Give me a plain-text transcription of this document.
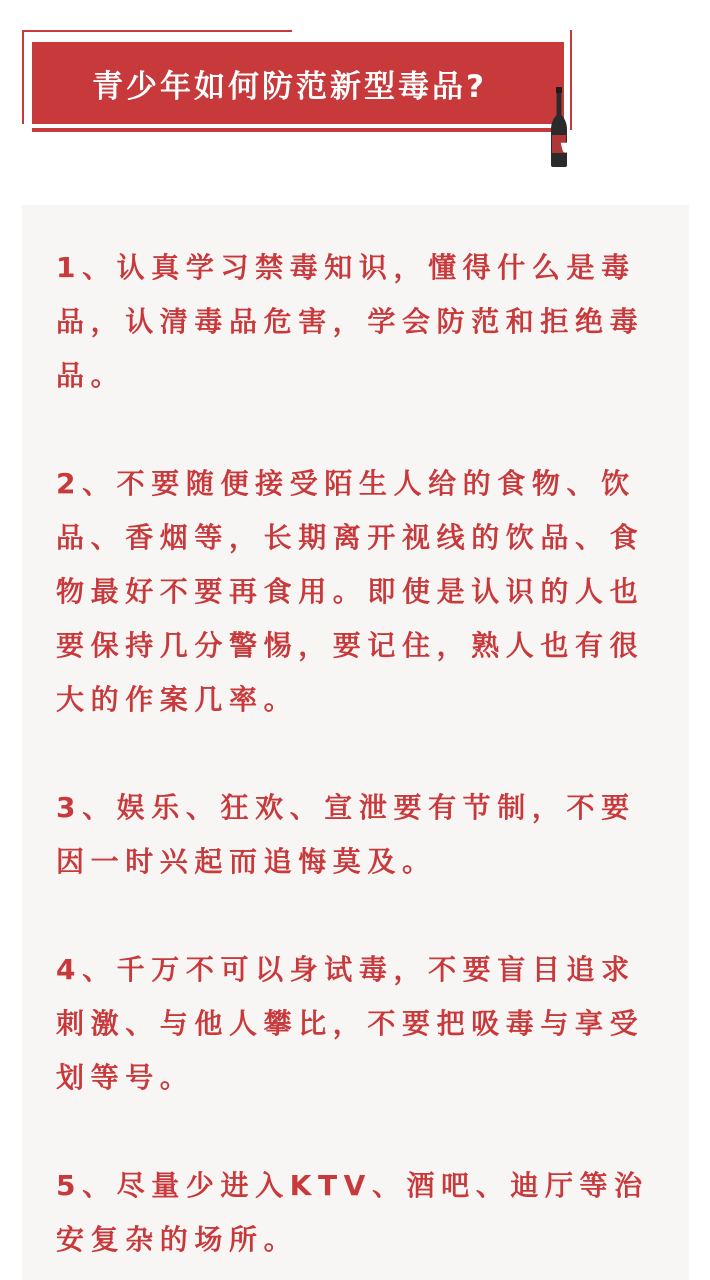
青少年如何防范新型毒品?

1、认真学习禁毒知识，懂得什么是毒品，认清毒品危害，学会防范和拒绝毒品。

2、不要随便接受陌生人给的食物、饮品、香烟等，长期离开视线的饮品、食物最好不要再食用。即使是认识的人也要保持几分警惕，要记住，熟人也有很大的作案几率。

3、娱乐、狂欢、宣泄要有节制，不要因一时兴起而追悔莫及。

4、千万不可以身试毒，不要盲目追求刺激、与他人攀比，不要把吸毒与享受划等号。

5、尽量少进入KTV、酒吧、迪厅等治安复杂的场所。
